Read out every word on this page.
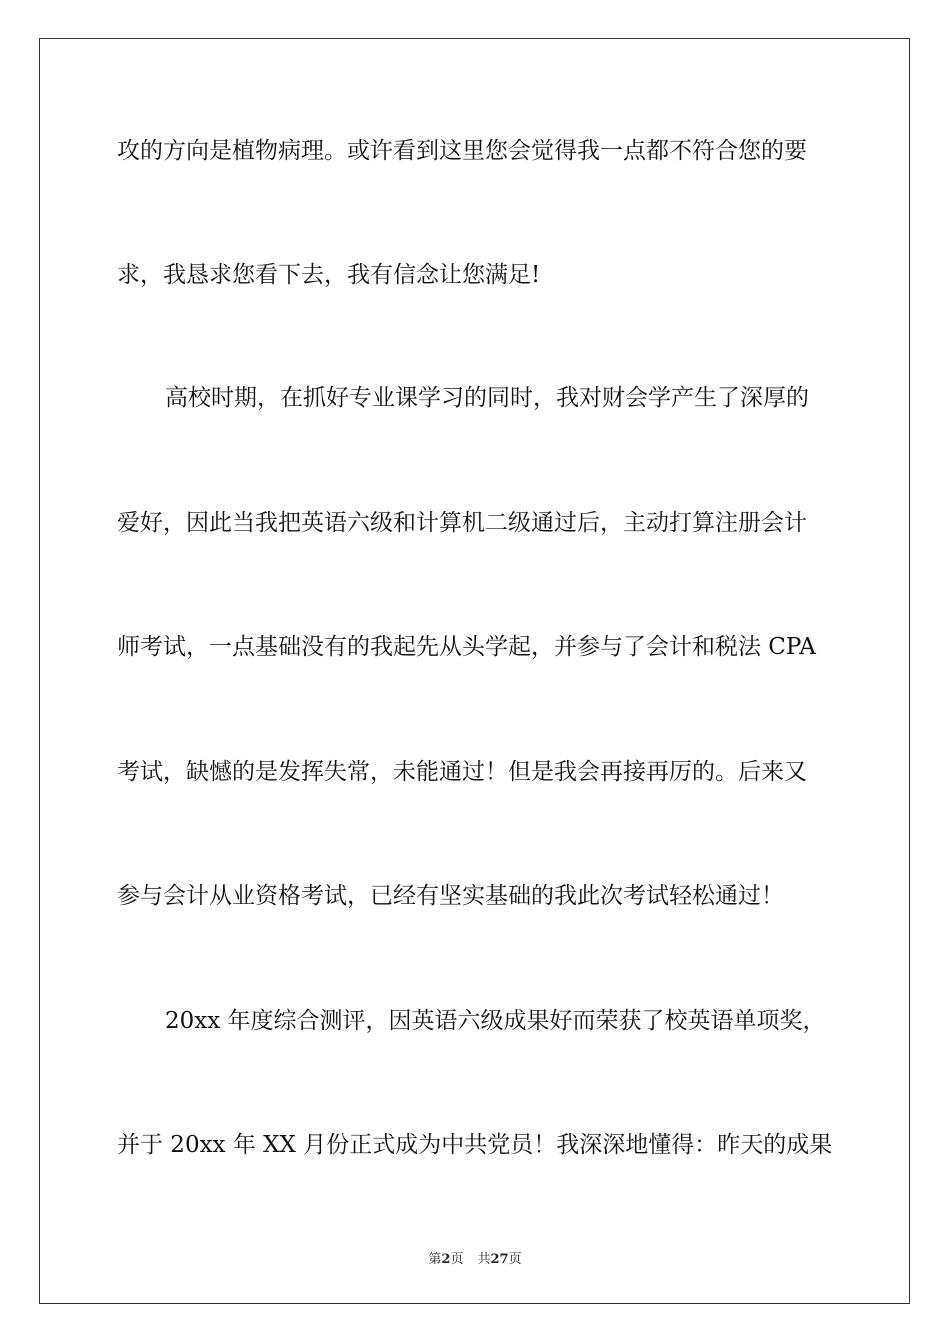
攻的方向是植物病理。或许看到这里您会觉得我一点都不符合您的要
求，我恳求您看下去，我有信念让您满足!
高校时期，在抓好专业课学习的同时，我对财会学产生了深厚的
爱好，因此当我把英语六级和计算机二级通过后，主动打算注册会计
师考试，一点基础没有的我起先从头学起，并参与了会计和税法 CPA
考试，缺憾的是发挥失常，未能通过！但是我会再接再厉的。后来又
参与会计从业资格考试，已经有坚实基础的我此次考试轻松通过！
20xx 年度综合测评，因英语六级成果好而荣获了校英语单项奖，
并于 20xx 年 XX 月份正式成为中共党员！我深深地懂得：昨天的成果
第2页 共27页
